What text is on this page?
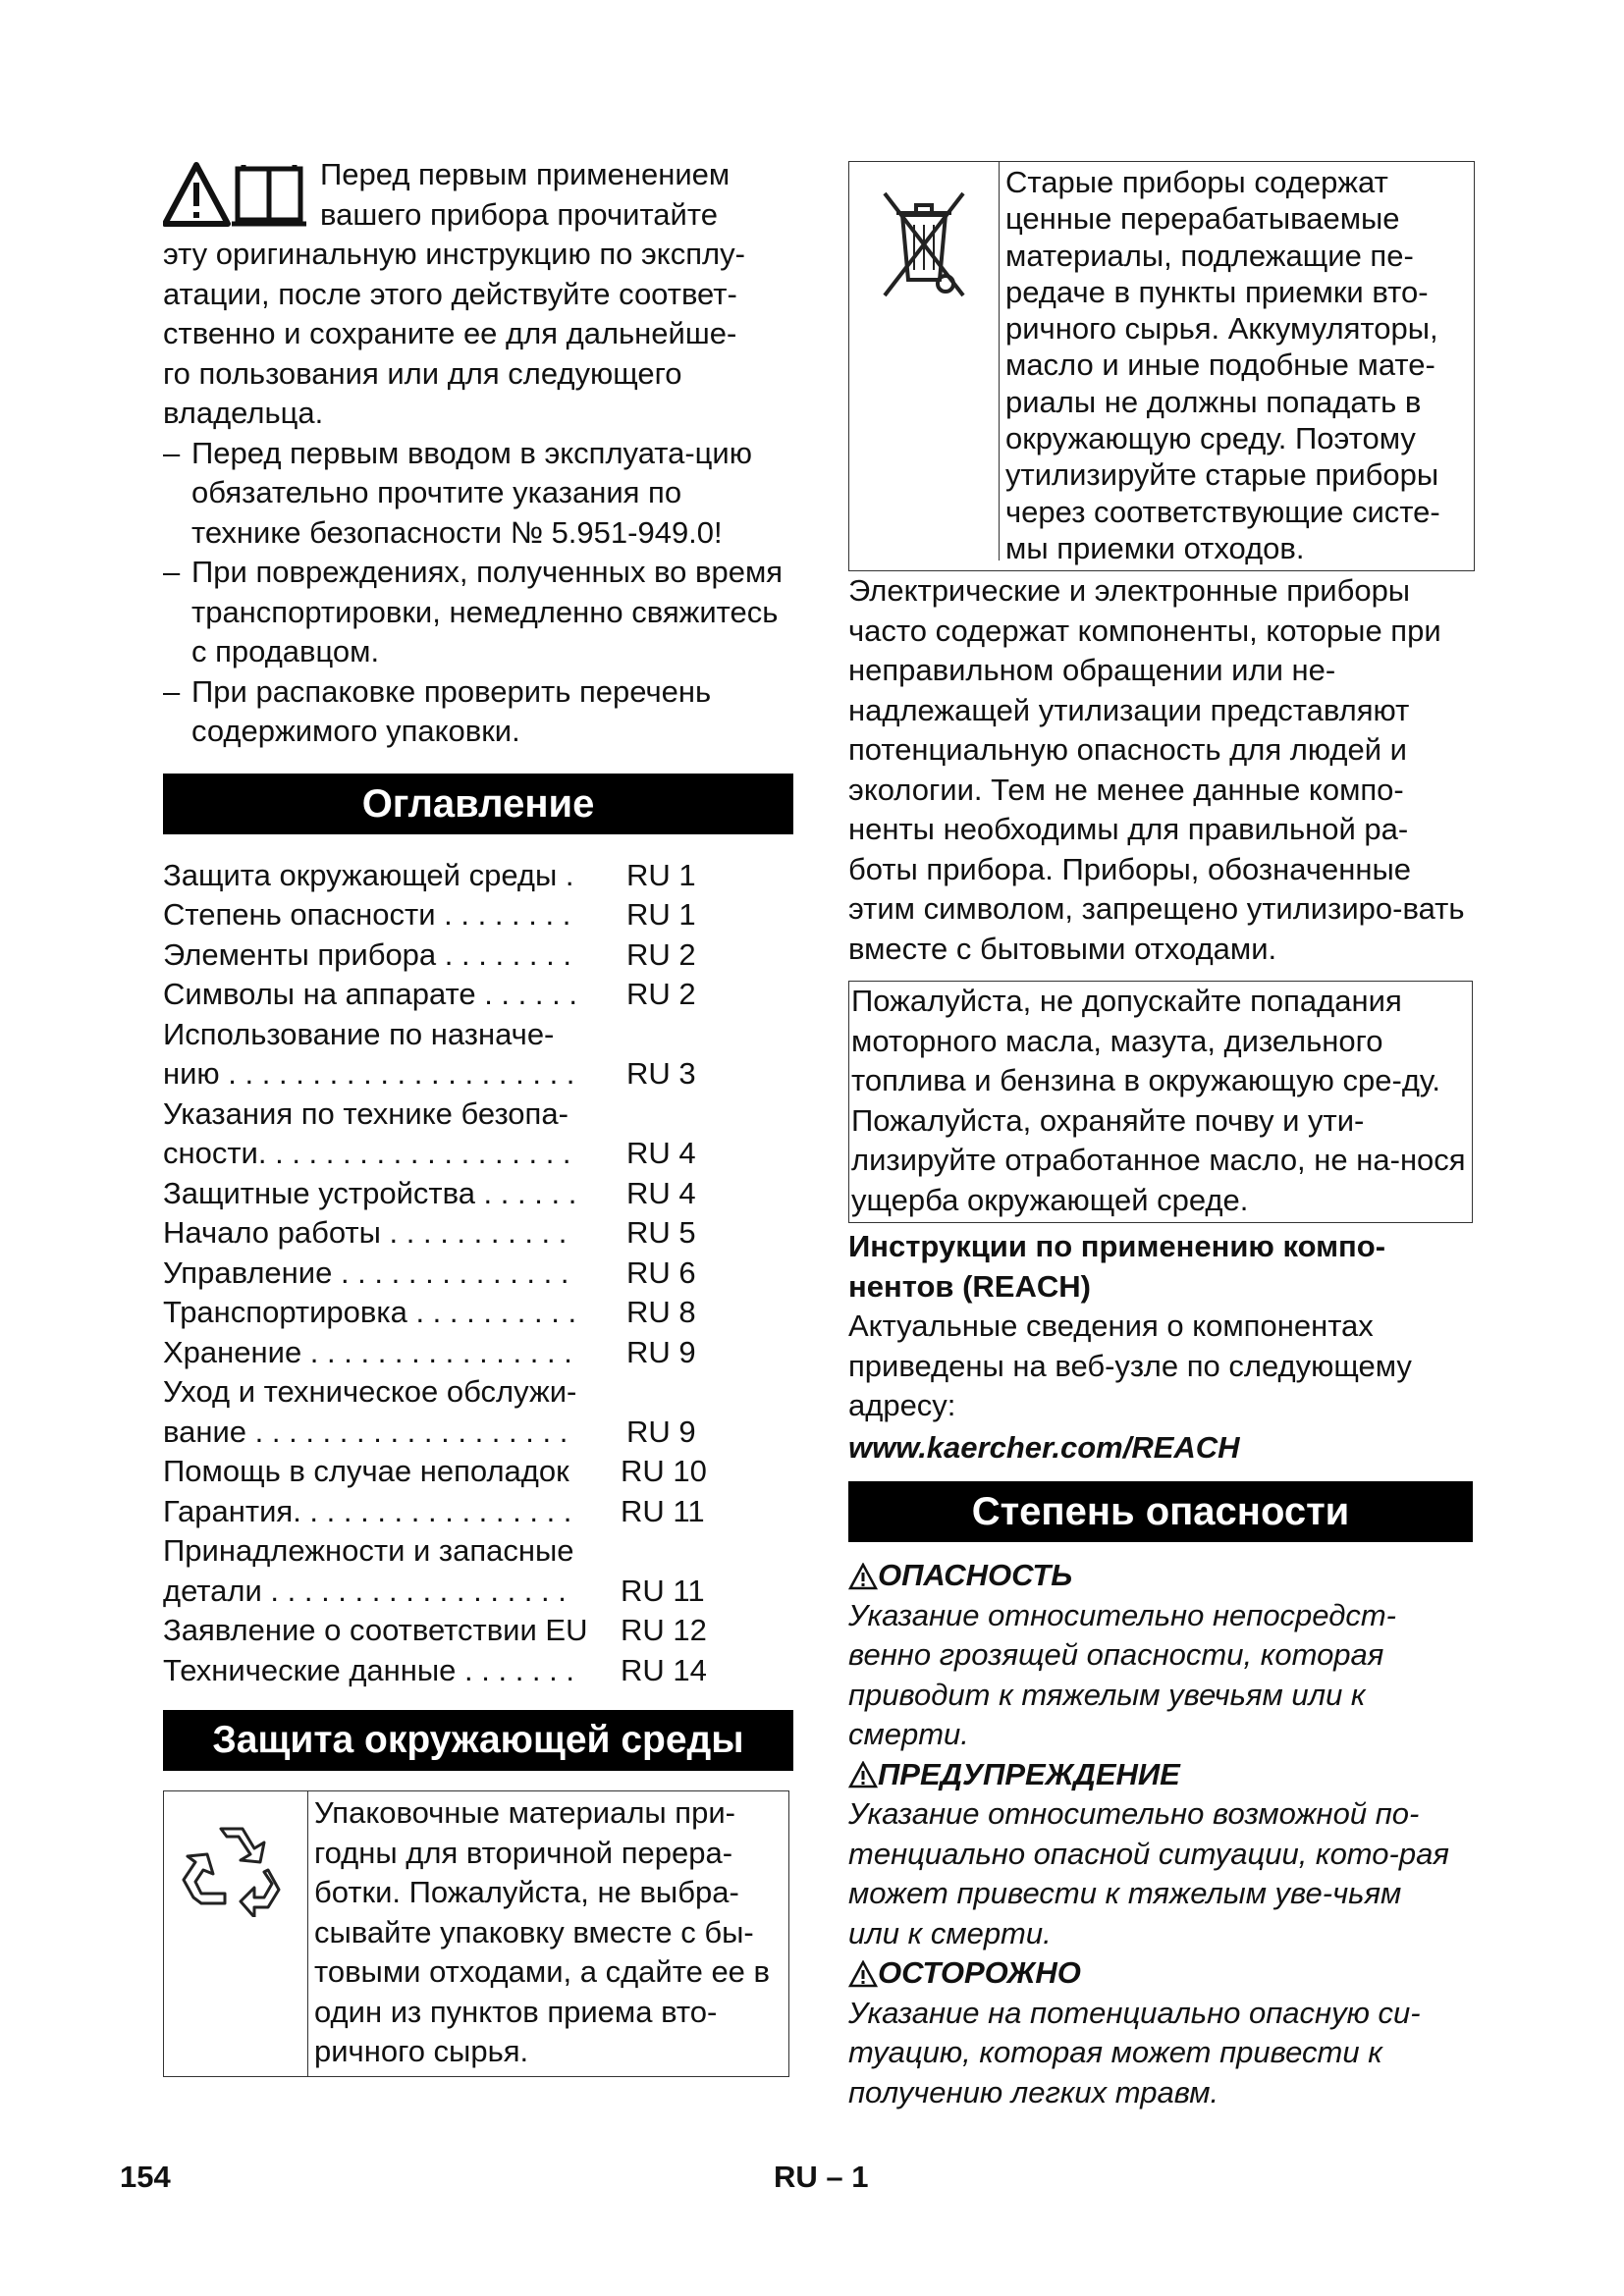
Перед первым применением

вашего прибора прочитайте

эту оригинальную инструкцию по эксплу-

атации, после этого действуйте соответ-

ственно и сохраните ее для дальнейше-

го пользования или для следующего

владельца.

– Перед первым вводом в эксплуата-цию обязательно прочтите указания по технике безопасности № 5.951-949.0!
– При повреждениях, полученных во время транспортировки, немедленно свяжитесь с продавцом.
– При распаковке проверить перечень содержимого упаковки.
Оглавление
Защита окружающей среды . RU 1
Степень опасности . . . . . . . . RU 1
Элементы прибора . . . . . . . . RU 2
Символы на аппарате . . . . . . RU 2
Использование по назначе-
нию . . . . . . . . . . . . . . . . . . . . . RU 3
Указания по технике безопа-
сности. . . . . . . . . . . . . . . . . . . RU 4
Защитные устройства . . . . . . RU 4
Начало работы . . . . . . . . . . . RU 5
Управление . . . . . . . . . . . . . . RU 6
Транспортировка . . . . . . . . . . RU 8
Хранение . . . . . . . . . . . . . . . . RU 9
Уход и техническое обслужи-
вание . . . . . . . . . . . . . . . . . . . RU 9
Помощь в случае неполадок RU 10
Гарантия. . . . . . . . . . . . . . . . . RU 11
Принадлежности и запасные
детали . . . . . . . . . . . . . . . . . . RU 11
Заявление о соответствии EU RU 12
Технические данные . . . . . . . RU 14
Защита окружающей среды
Упаковочные материалы при-годны для вторичной перера-ботки. Пожалуйста, не выбра-сывайте упаковку вместе с бы-товыми отходами, а сдайте ее в один из пунктов приема вто-ричного сырья.
154
Старые приборы содержат ценные перерабатываемые материалы, подлежащие пе-редаче в пункты приемки вто-ричного сырья. Аккумуляторы, масло и иные подобные мате-риалы не должны попадать в окружающую среду. Поэтому утилизируйте старые приборы через соответствующие систе-мы приемки отходов.

Электрические и электронные приборы часто содержат компоненты, которые при неправильном обращении или не-надлежащей утилизации представляют потенциальную опасность для людей и экологии. Тем не менее данные компо-ненты необходимы для правильной ра-боты прибора. Приборы, обозначенные этим символом, запрещено утилизиро-вать вместе с бытовыми отходами.

Пожалуйста, не допускайте попадания моторного масла, мазута, дизельного топлива и бензина в окружающую сре-ду. Пожалуйста, охраняйте почву и ути-лизируйте отработанное масло, не на-нося ущерба окружающей среде.

Инструкции по применению компо-нентов (REACH)

Актуальные сведения о компонентах приведены на веб-узле по следующему адресу:

www.kaercher.com/REACH

Степень опасности
ОПАСНОСТЬ

Указание относительно непосредст-венно грозящей опасности, которая приводит к тяжелым увечьям или к смерти.

ПРЕДУПРЕЖДЕНИЕ

Указание относительно возможной по-тенциально опасной ситуации, кото-рая может привести к тяжелым уве-чьям или к смерти.

ОСТОРОЖНО

Указание на потенциально опасную си-туацию, которая может привести к получению легких травм.

RU – 1
